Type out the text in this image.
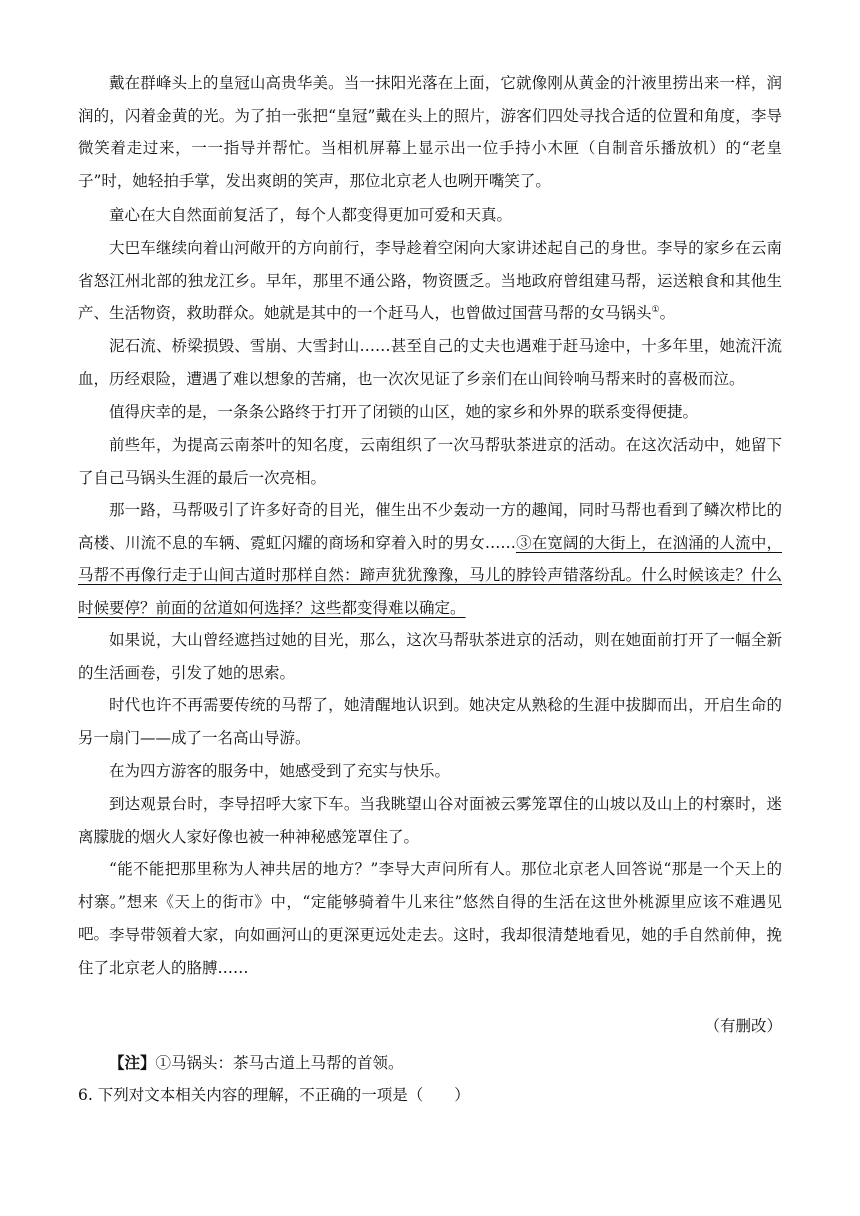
戴在群峰头上的皇冠山高贵华美。当一抹阳光落在上面，它就像刚从黄金的汁液里捞出来一样，润润的，闪着金黄的光。为了拍一张把“皇冠”戴在头上的照片，游客们四处寻找合适的位置和角度，李导微笑着走过来，一一指导并帮忙。当相机屏幕上显示出一位手持小木匣（自制音乐播放机）的“老皇子”时，她轻拍手掌，发出爽朗的笑声，那位北京老人也咧开嘴笑了。

童心在大自然面前复活了，每个人都变得更加可爱和天真。

大巴车继续向着山河敞开的方向前行，李导趁着空闲向大家讲述起自己的身世。李导的家乡在云南省怒江州北部的独龙江乡。早年，那里不通公路，物资匮乏。当地政府曾组建马帮，运送粮食和其他生产、生活物资，救助群众。她就是其中的一个赶马人，也曾做过国营马帮的女马锅头①。

泥石流、桥梁损毁、雪崩、大雪封山……甚至自己的丈夫也遇难于赶马途中，十多年里，她流汗流血，历经艰险，遭遇了难以想象的苦痛，也一次次见证了乡亲们在山间铃响马帮来时的喜极而泣。

值得庆幸的是，一条条公路终于打开了闭锁的山区，她的家乡和外界的联系变得便捷。

前些年，为提高云南茶叶的知名度，云南组织了一次马帮驮茶进京的活动。在这次活动中，她留下了自己马锅头生涯的最后一次亮相。

那一路，马帮吸引了许多好奇的目光，催生出不少轰动一方的趣闻，同时马帮也看到了鳞次栉比的高楼、川流不息的车辆、霓虹闪耀的商场和穿着入时的男女……③在宽阔的大街上，在汹涌的人流中，马帮不再像行走于山间古道时那样自然：蹄声犹犹豫豫，马儿的脖铃声错落纷乱。什么时候该走？什么时候要停？前面的岔道如何选择？这些都变得难以确定。

如果说，大山曾经遮挡过她的目光，那么，这次马帮驮茶进京的活动，则在她面前打开了一幅全新的生活画卷，引发了她的思索。

时代也许不再需要传统的马帮了，她清醒地认识到。她决定从熟稔的生涯中拔脚而出，开启生命的另一扇门——成了一名高山导游。

在为四方游客的服务中，她感受到了充实与快乐。

到达观景台时，李导招呼大家下车。当我眺望山谷对面被云雾笼罩住的山坡以及山上的村寨时，迷离朦胧的烟火人家好像也被一种神秘感笼罩住了。

“能不能把那里称为人神共居的地方？”李导大声问所有人。那位北京老人回答说“那是一个天上的村寨。”想来《天上的街市》中，“定能够骑着牛儿来往”悠然自得的生活在这世外桃源里应该不难遇见吧。 李导带领着大家，向如画河山的更深更远处走去。这时，我却很清楚地看见，她的手自然前伸，挽住了北京老人的胳膊……

（有删改）

【注】①马锅头：茶马古道上马帮的首领。

6. 下列对文本相关内容的理解，不正确的一项是（　　）
